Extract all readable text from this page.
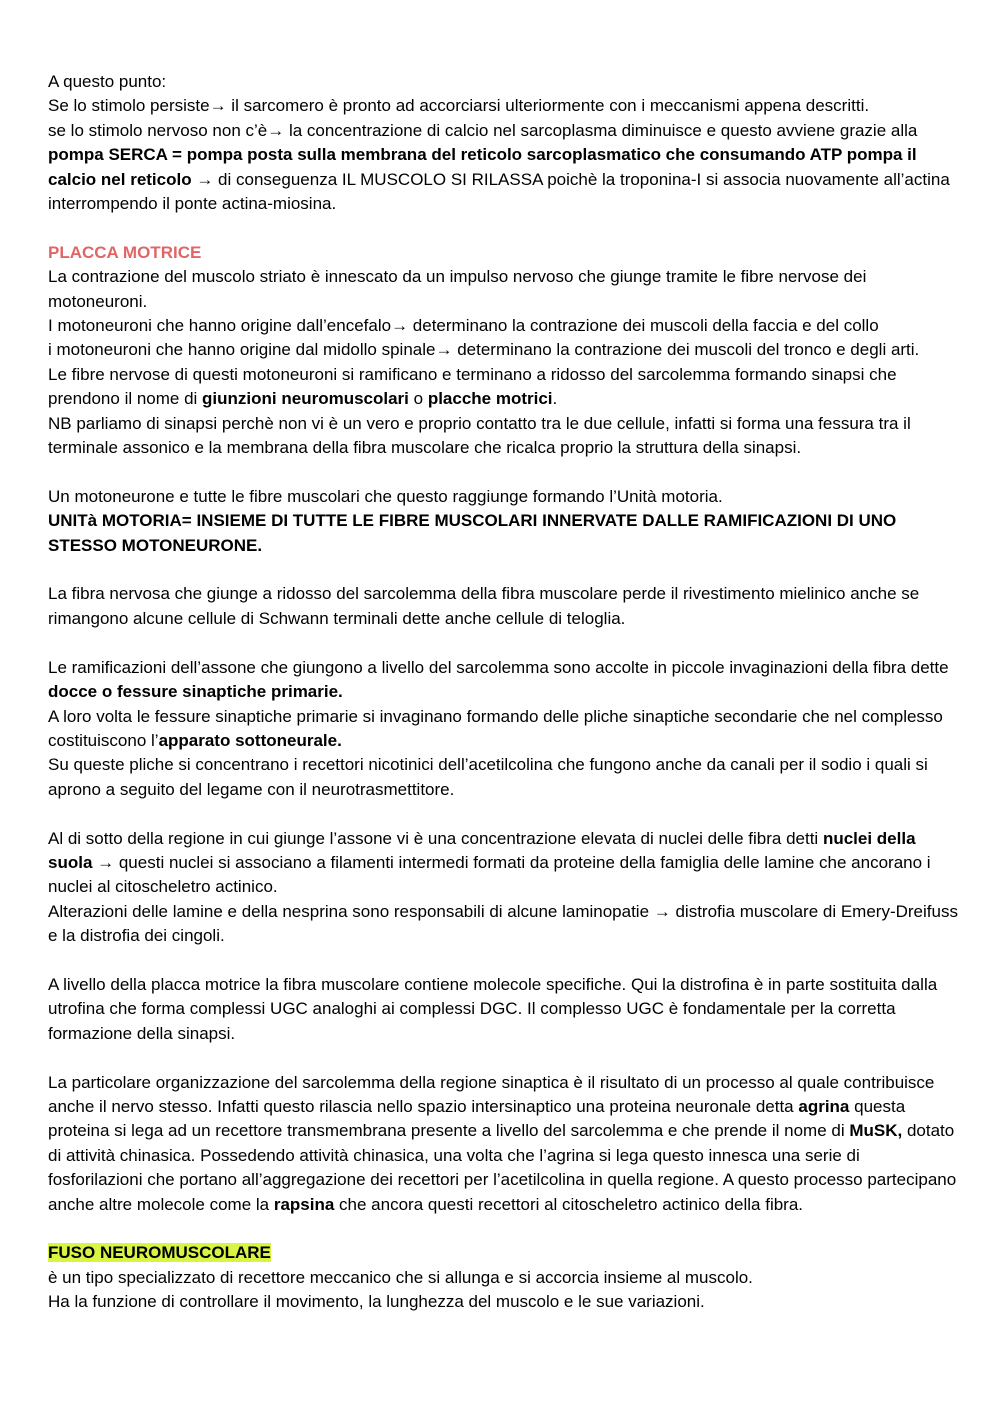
A questo punto:

Se lo stimolo persiste→ il sarcomero è pronto ad accorciarsi ulteriormente con i meccanismi appena descritti.

se lo stimolo nervoso non c’è→ la concentrazione di calcio nel sarcoplasma diminuisce e questo avviene grazie alla pompa SERCA = pompa posta sulla membrana del reticolo sarcoplasmatico che consumando ATP pompa il calcio nel reticolo → di conseguenza IL MUSCOLO SI RILASSA poichè la troponina-I si associa nuovamente all’actina interrompendo il ponte actina-miosina.

PLACCA MOTRICE

La contrazione del muscolo striato è innescato da un impulso nervoso che giunge tramite le fibre nervose dei motoneuroni.

I motoneuroni che hanno origine dall’encefalo→ determinano la contrazione dei muscoli della faccia e del collo

i motoneuroni che hanno origine dal midollo spinale→ determinano la contrazione dei muscoli del tronco e degli arti.

Le fibre nervose di questi motoneuroni si ramificano e terminano a ridosso del sarcolemma formando sinapsi che prendono il nome di giunzioni neuromuscolari o placche motrici.

NB parliamo di sinapsi perchè non vi è un vero e proprio contatto tra le due cellule, infatti si forma una fessura tra il terminale assonico e la membrana della fibra muscolare che ricalca proprio la struttura della sinapsi.

Un motoneurone e tutte le fibre muscolari che questo raggiunge formando l’Unità motoria.

UNITà MOTORIA= INSIEME DI TUTTE LE FIBRE MUSCOLARI INNERVATE DALLE RAMIFICAZIONI DI UNO STESSO MOTONEURONE.

La fibra nervosa che giunge a ridosso del sarcolemma della fibra muscolare perde il rivestimento mielinico anche se rimangono alcune cellule di Schwann terminali dette anche cellule di teloglia.

Le ramificazioni dell’assone che giungono a livello del sarcolemma sono accolte in piccole invaginazioni della fibra dette docce o fessure sinaptiche primarie.

A loro volta le fessure sinaptiche primarie si invaginano formando delle pliche sinaptiche secondarie che nel complesso costituiscono l’apparato sottoneurale.

Su queste pliche si concentrano i recettori nicotinici dell’acetilcolina che fungono anche da canali per il sodio i quali si aprono a seguito del legame con il neurotrasmettitore.

Al di sotto della regione in cui giunge l’assone vi è una concentrazione elevata di nuclei delle fibra detti nuclei della suola → questi nuclei si associano a filamenti intermedi formati da proteine della famiglia delle lamine che ancorano i nuclei al citoscheletro actinico.

Alterazioni delle lamine e della nesprina sono responsabili di alcune laminopatie → distrofia muscolare di Emery-Dreifuss e la distrofia dei cingoli.

A livello della placca motrice la fibra muscolare contiene molecole specifiche. Qui la distrofina è in parte sostituita dalla utrofina che forma complessi UGC analoghi ai complessi DGC. Il complesso UGC è fondamentale per la corretta formazione della sinapsi.

La particolare organizzazione del sarcolemma della regione sinaptica è il risultato di un processo al quale contribuisce anche il nervo stesso. Infatti questo rilascia nello spazio intersinaptico una proteina neuronale detta agrina questa proteina si lega ad un recettore transmembrana presente a livello del sarcolemma e che prende il nome di MuSK, dotato di attività chinasica. Possedendo attività chinasica, una volta che l’agrina si lega questo innesca una serie di fosforilazioni che portano all’aggregazione dei recettori per l’acetilcolina in quella regione. A questo processo partecipano anche altre molecole come la rapsina che ancora questi recettori al citoscheletro actinico della fibra.

FUSO NEUROMUSCOLARE

è un tipo specializzato di recettore meccanico che si allunga e si accorcia insieme al muscolo.

Ha la funzione di controllare il movimento, la lunghezza del muscolo e le sue variazioni.
